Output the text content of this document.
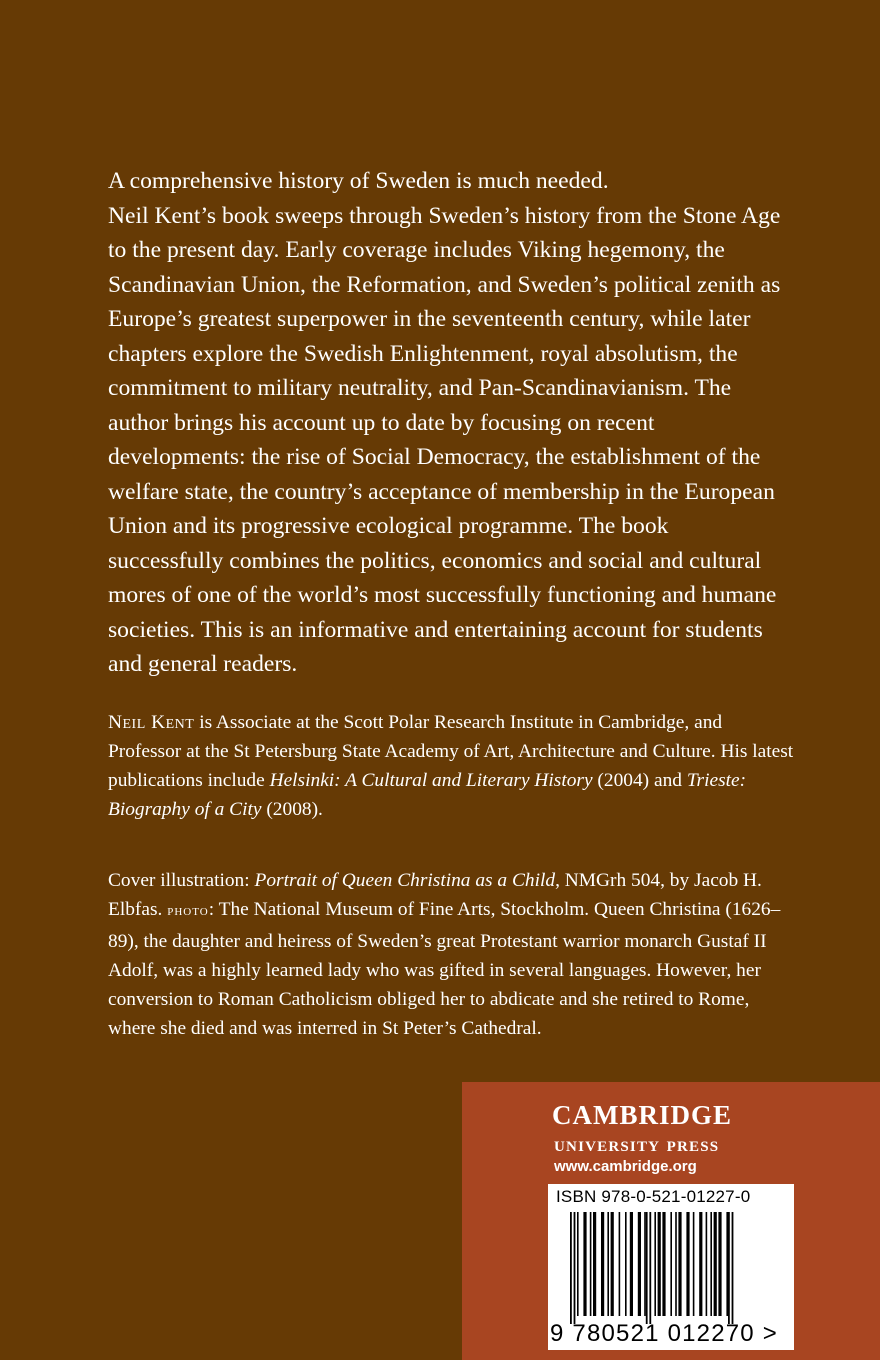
A comprehensive history of Sweden is much needed.

Neil Kent’s book sweeps through Sweden’s history from the Stone Age to the present day. Early coverage includes Viking hegemony, the Scandinavian Union, the Reformation, and Sweden’s political zenith as Europe’s greatest superpower in the seventeenth century, while later chapters explore the Swedish Enlightenment, royal absolutism, the commitment to military neutrality, and Pan-Scandinavianism. The author brings his account up to date by focusing on recent developments: the rise of Social Democracy, the establishment of the welfare state, the country’s acceptance of membership in the European Union and its progressive ecological programme. The book successfully combines the politics, economics and social and cultural mores of one of the world’s most successfully functioning and humane societies. This is an informative and entertaining account for students and general readers.

Neil Kent is Associate at the Scott Polar Research Institute in Cambridge, and Professor at the St Petersburg State Academy of Art, Architecture and Culture. His latest publications include Helsinki: A Cultural and Literary History (2004) and Trieste: Biography of a City (2008).

Cover illustration: Portrait of Queen Christina as a Child, NMGrh 504, by Jacob H. Elbfas. photo: The National Museum of Fine Arts, Stockholm. Queen Christina (1626–89), the daughter and heiress of Sweden’s great Protestant warrior monarch Gustaf II Adolf, was a highly learned lady who was gifted in several languages. However, her conversion to Roman Catholicism obliged her to abdicate and she retired to Rome, where she died and was interred in St Peter’s Cathedral.

cambridge
university press
www.cambridge.org
ISBN 978-0-521-01227-0
9 780521 012270 >
